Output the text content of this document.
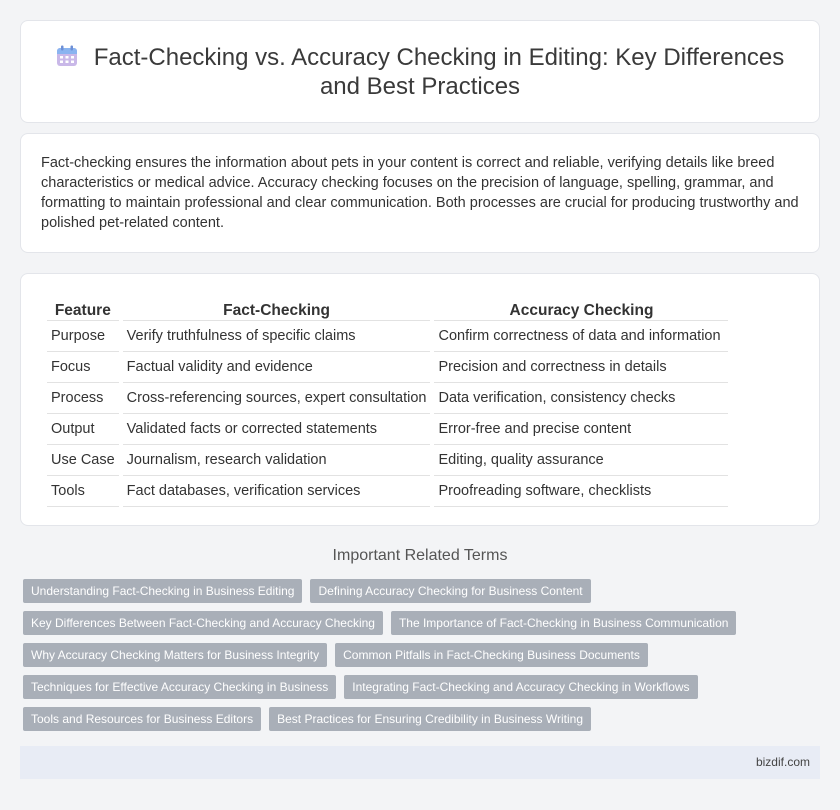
Fact-Checking vs. Accuracy Checking in Editing: Key Differences and Best Practices

Fact-checking ensures the information about pets in your content is correct and reliable, verifying details like breed characteristics or medical advice. Accuracy checking focuses on the precision of language, spelling, grammar, and formatting to maintain professional and clear communication. Both processes are crucial for producing trustworthy and polished pet-related content.

Feature	Fact-Checking	Accuracy Checking
Purpose	Verify truthfulness of specific claims	Confirm correctness of data and information
Focus	Factual validity and evidence	Precision and correctness in details
Process	Cross-referencing sources, expert consultation	Data verification, consistency checks
Output	Validated facts or corrected statements	Error-free and precise content
Use Case	Journalism, research validation	Editing, quality assurance
Tools	Fact databases, verification services	Proofreading software, checklists
Important Related Terms
Understanding Fact-Checking in Business Editing	Defining Accuracy Checking for Business Content
Key Differences Between Fact-Checking and Accuracy Checking	The Importance of Fact-Checking in Business Communication
Why Accuracy Checking Matters for Business Integrity	Common Pitfalls in Fact-Checking Business Documents
Techniques for Effective Accuracy Checking in Business	Integrating Fact-Checking and Accuracy Checking in Workflows
Tools and Resources for Business Editors	Best Practices for Ensuring Credibility in Business Writing
bizdif.com
